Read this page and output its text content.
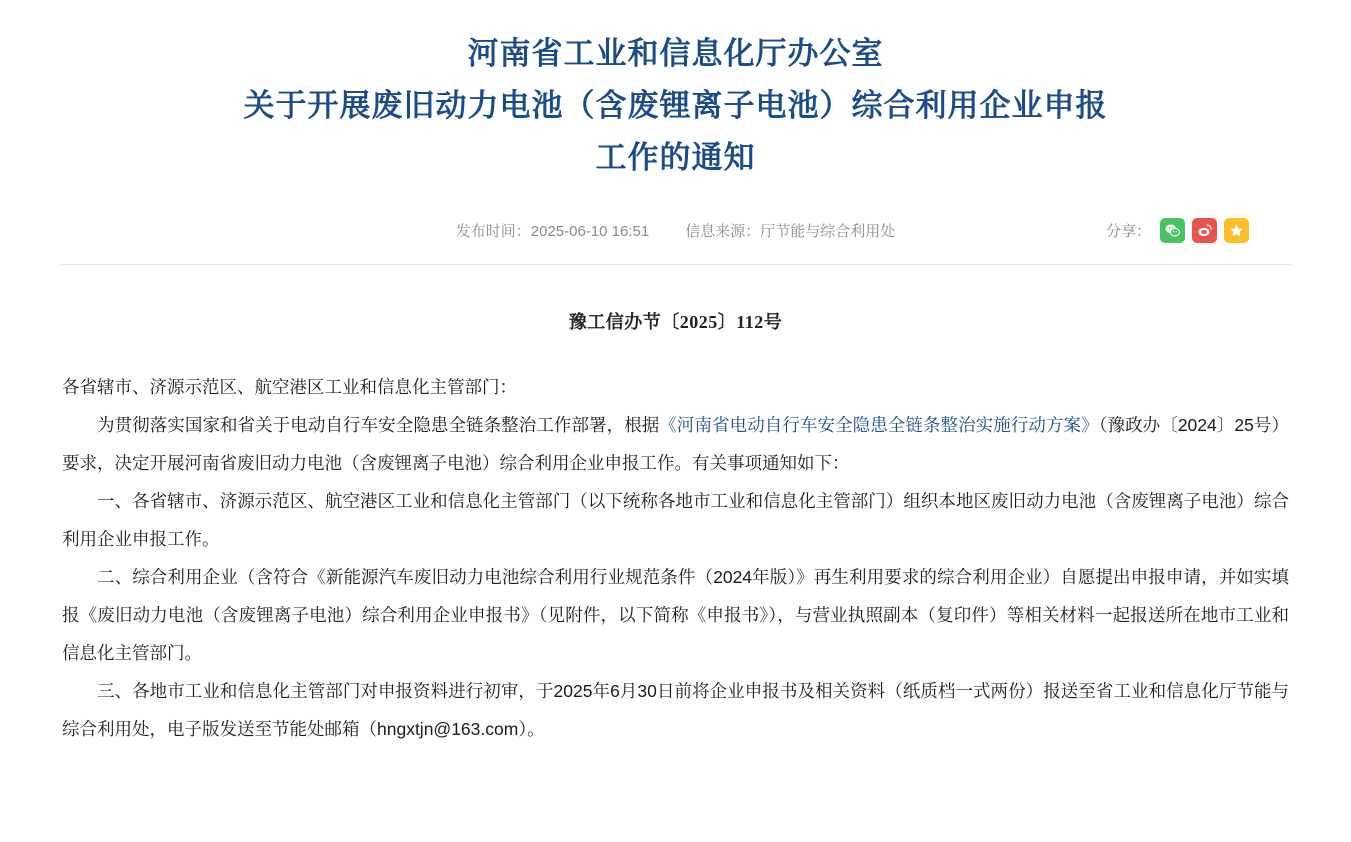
河南省工业和信息化厅办公室
关于开展废旧动力电池（含废锂离子电池）综合利用企业申报
工作的通知
发布时间：2025-06-10 16:51 信息来源：厅节能与综合利用处	分享：
豫工信办节〔2025〕112号

各省辖市、济源示范区、航空港区工业和信息化主管部门：

为贯彻落实国家和省关于电动自行车安全隐患全链条整治工作部署，根据《河南省电动自行车安全隐患全链条整治实施行动方案》（豫政办〔2024〕25号）要求，决定开展河南省废旧动力电池（含废锂离子电池）综合利用企业申报工作。有关事项通知如下：

一、各省辖市、济源示范区、航空港区工业和信息化主管部门（以下统称各地市工业和信息化主管部门）组织本地区废旧动力电池（含废锂离子电池）综合利用企业申报工作。

二、综合利用企业（含符合《新能源汽车废旧动力电池综合利用行业规范条件（2024年版）》再生利用要求的综合利用企业）自愿提出申报申请，并如实填报《废旧动力电池（含废锂离子电池）综合利用企业申报书》（见附件，以下简称《申报书》），与营业执照副本（复印件）等相关材料一起报送所在地市工业和信息化主管部门。

三、各地市工业和信息化主管部门对申报资料进行初审，于2025年6月30日前将企业申报书及相关资料（纸质档一式两份）报送至省工业和信息化厅节能与综合利用处，电子版发送至节能处邮箱（hngxtjn@163.com）。
